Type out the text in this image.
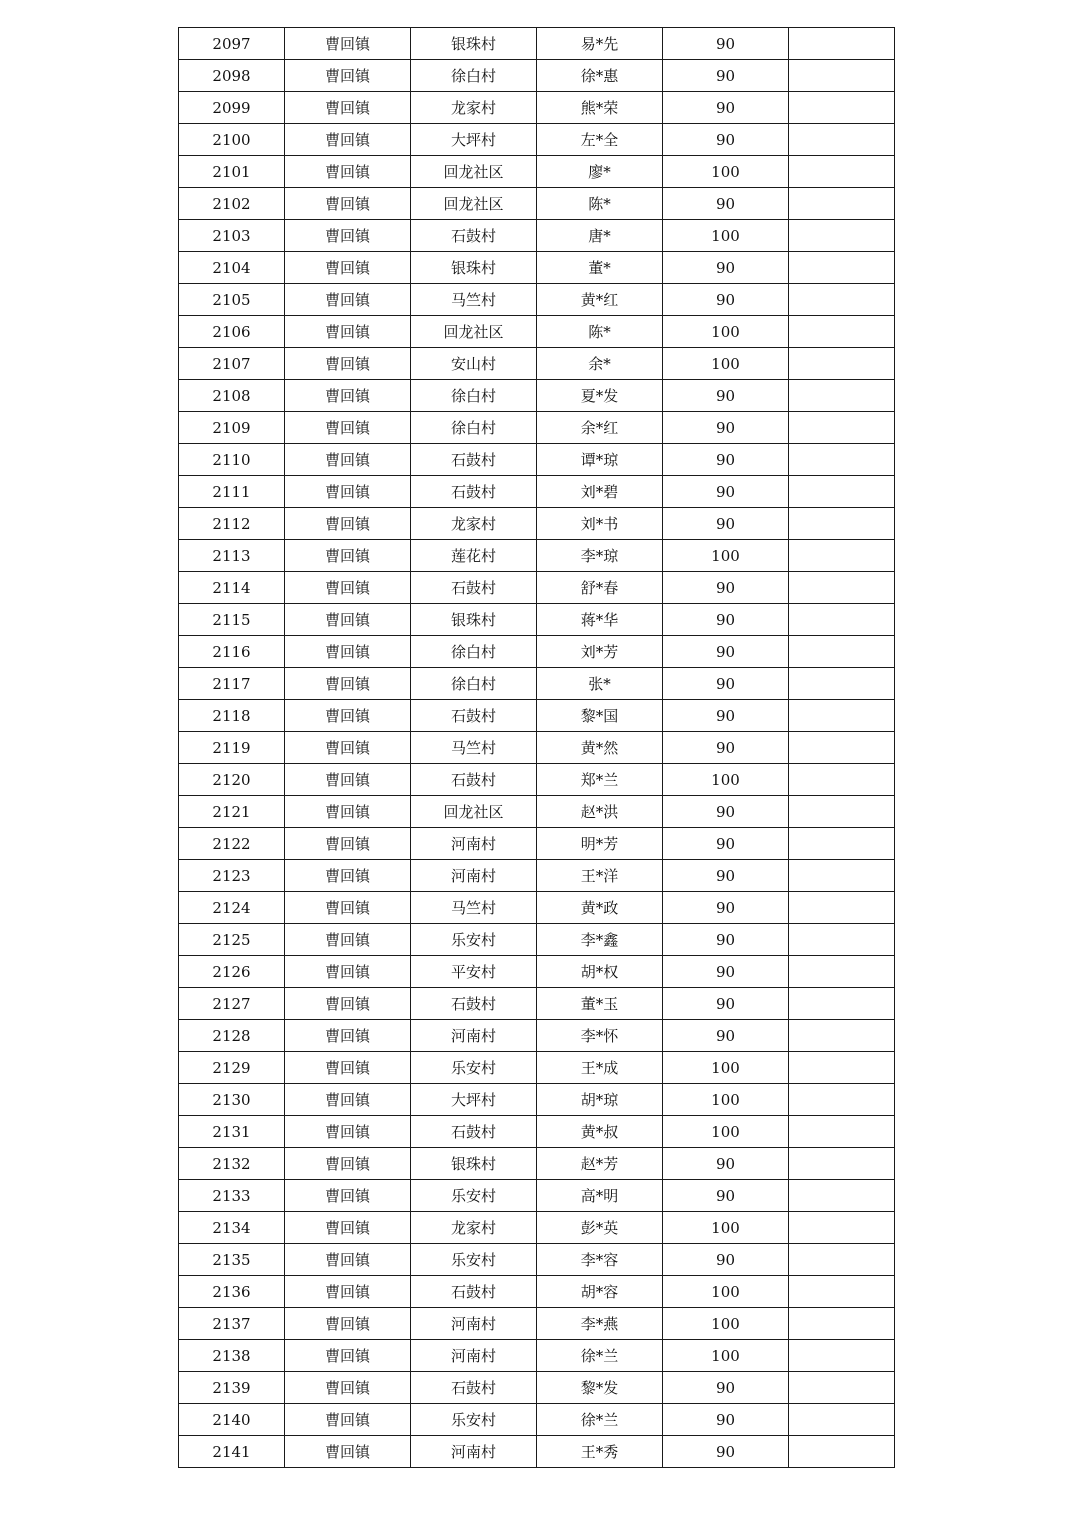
2097	曹回镇	银珠村	易*先	90	
2098	曹回镇	徐白村	徐*惠	90	
2099	曹回镇	龙家村	熊*荣	90	
2100	曹回镇	大坪村	左*全	90	
2101	曹回镇	回龙社区	廖*	100	
2102	曹回镇	回龙社区	陈*	90	
2103	曹回镇	石鼓村	唐*	100	
2104	曹回镇	银珠村	董*	90	
2105	曹回镇	马竺村	黄*红	90	
2106	曹回镇	回龙社区	陈*	100	
2107	曹回镇	安山村	余*	100	
2108	曹回镇	徐白村	夏*发	90	
2109	曹回镇	徐白村	余*红	90	
2110	曹回镇	石鼓村	谭*琼	90	
2111	曹回镇	石鼓村	刘*碧	90	
2112	曹回镇	龙家村	刘*书	90	
2113	曹回镇	莲花村	李*琼	100	
2114	曹回镇	石鼓村	舒*春	90	
2115	曹回镇	银珠村	蒋*华	90	
2116	曹回镇	徐白村	刘*芳	90	
2117	曹回镇	徐白村	张*	90	
2118	曹回镇	石鼓村	黎*国	90	
2119	曹回镇	马竺村	黄*然	90	
2120	曹回镇	石鼓村	郑*兰	100	
2121	曹回镇	回龙社区	赵*洪	90	
2122	曹回镇	河南村	明*芳	90	
2123	曹回镇	河南村	王*洋	90	
2124	曹回镇	马竺村	黄*政	90	
2125	曹回镇	乐安村	李*鑫	90	
2126	曹回镇	平安村	胡*权	90	
2127	曹回镇	石鼓村	董*玉	90	
2128	曹回镇	河南村	李*怀	90	
2129	曹回镇	乐安村	王*成	100	
2130	曹回镇	大坪村	胡*琼	100	
2131	曹回镇	石鼓村	黄*叔	100	
2132	曹回镇	银珠村	赵*芳	90	
2133	曹回镇	乐安村	高*明	90	
2134	曹回镇	龙家村	彭*英	100	
2135	曹回镇	乐安村	李*容	90	
2136	曹回镇	石鼓村	胡*容	100	
2137	曹回镇	河南村	李*燕	100	
2138	曹回镇	河南村	徐*兰	100	
2139	曹回镇	石鼓村	黎*发	90	
2140	曹回镇	乐安村	徐*兰	90	
2141	曹回镇	河南村	王*秀	90	
